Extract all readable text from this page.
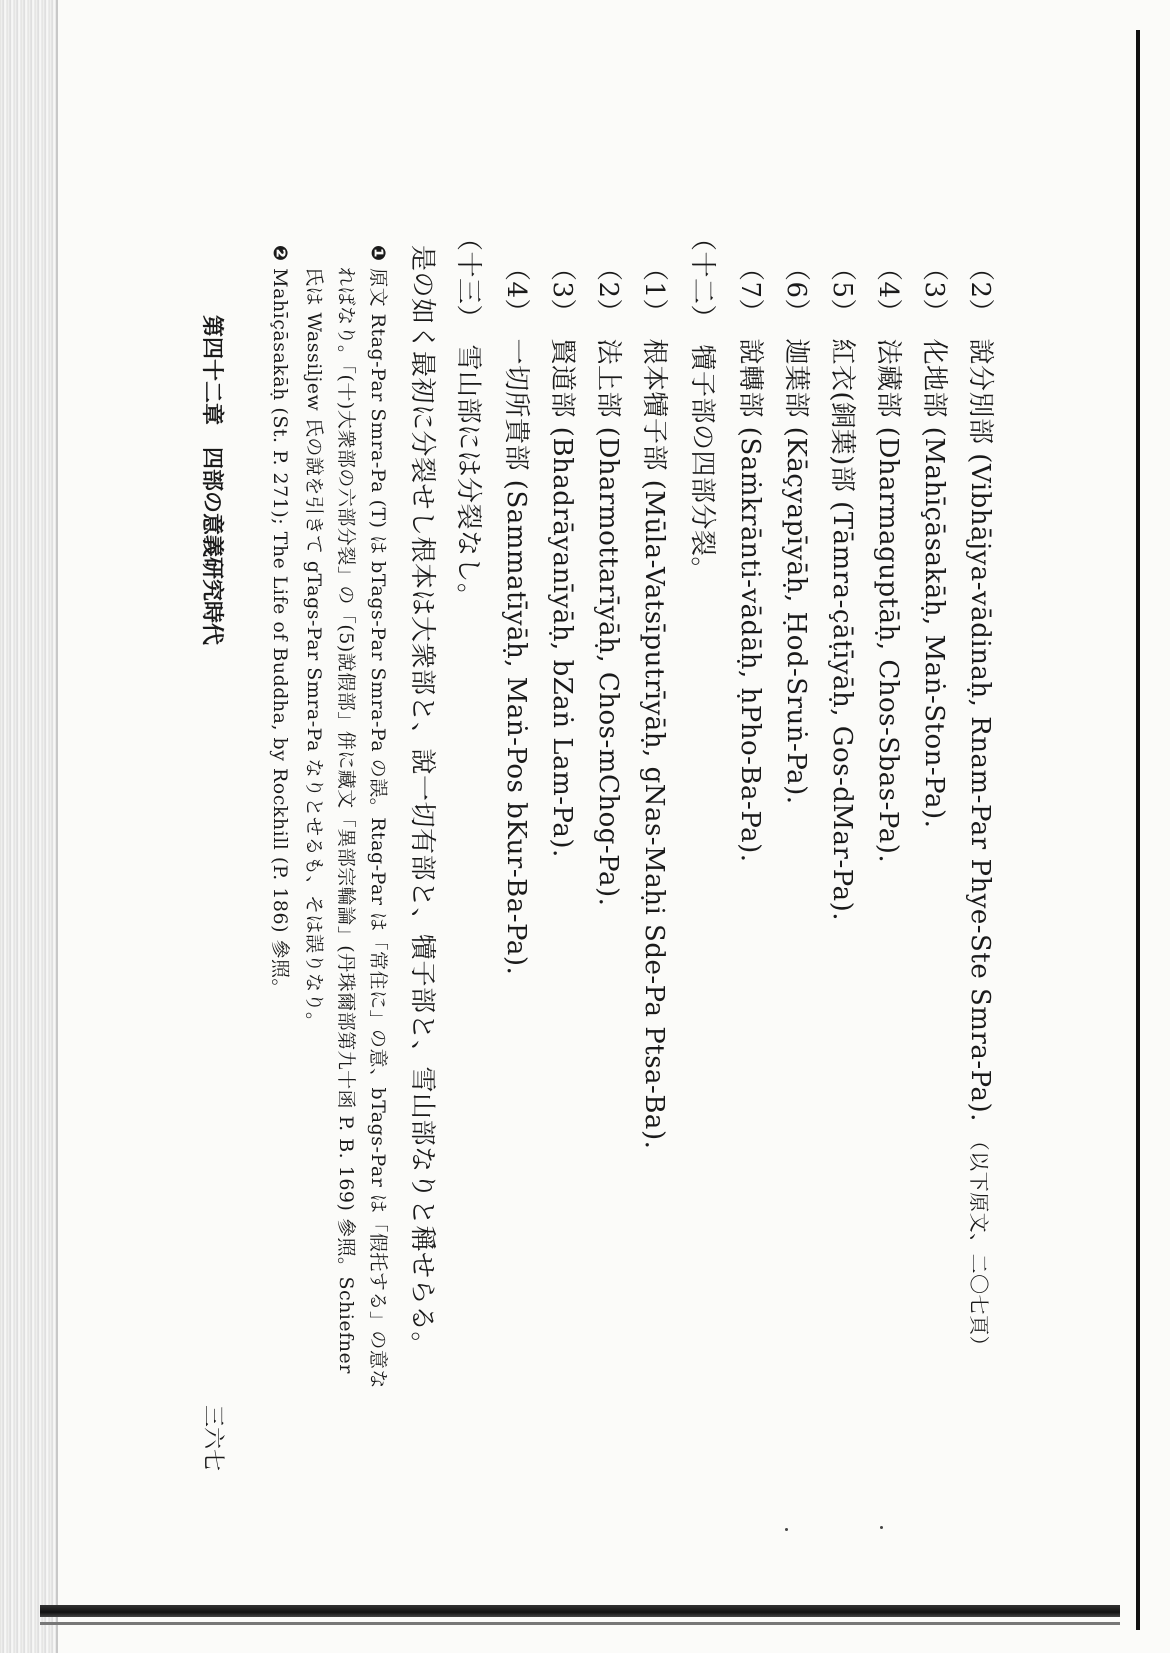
（2）　說分別部 (Vibhājya-vādinaḥ, Rnam-Par Phye-Ste Smra-Pa). （以下原文、二〇七頁）
（3）　化地部 (Mahīçāsakāḥ, Maṅ-Ston-Pa).
（4）　法藏部 (Dharmaguptāḥ, Chos-Sbas-Pa).
（5）　紅衣(銅葉)部 (Tāmra-çāṭīyāḥ, Gos-dMar-Pa).
（6）　迦葉部 (Kāçyapīyāḥ, Ḥod-Sruṅ-Pa).
（7）　說轉部 (Saṁkrānti-vādāḥ, ḥPho-Ba-Pa).
（十二）　犢子部の四部分裂。
（1）　根本犢子部 (Mūla-Vatsīputrīyāḥ, gNas-Maḥi Sde-Pa Ptsa-Ba).
（2）　法上部 (Dharmottarīyāḥ, Chos-mChog-Pa).
（3）　賢道部 (Bhadrāyanīyāḥ, bZaṅ Lam-Pa).
（4）　一切所貴部 (Sammatīyāḥ, Maṅ-Pos bKur-Ba-Pa).
（十三）　雪山部には分裂なし。
是の如く最初に分裂せし根本は大衆部と、說一切有部と、犢子部と、雪山部なりと稱せらる。
❶ 原文 Rtag-Par Smra-Pa (T) は bTags-Par Smra-Pa の誤。Rtag-Par は「常住に」の意、bTags-Par は「假托する」の意な
ればなり。「(十)大衆部の六部分裂」の「(5)說假部」併に藏文「異部宗輪論」(丹珠爾部第九十函 P. B. 169) 參照。Schiefner
氏は Wassiljew 氏の說を引きて gTags-Par Smra-Pa なりとせるも、そは誤りなり。
❷ Mahīçāsakāḥ (St. P. 271); The Life of Buddha, by Rockhill (P. 186) 參照。
第四十二章　四部の意義研究時代
三六七
